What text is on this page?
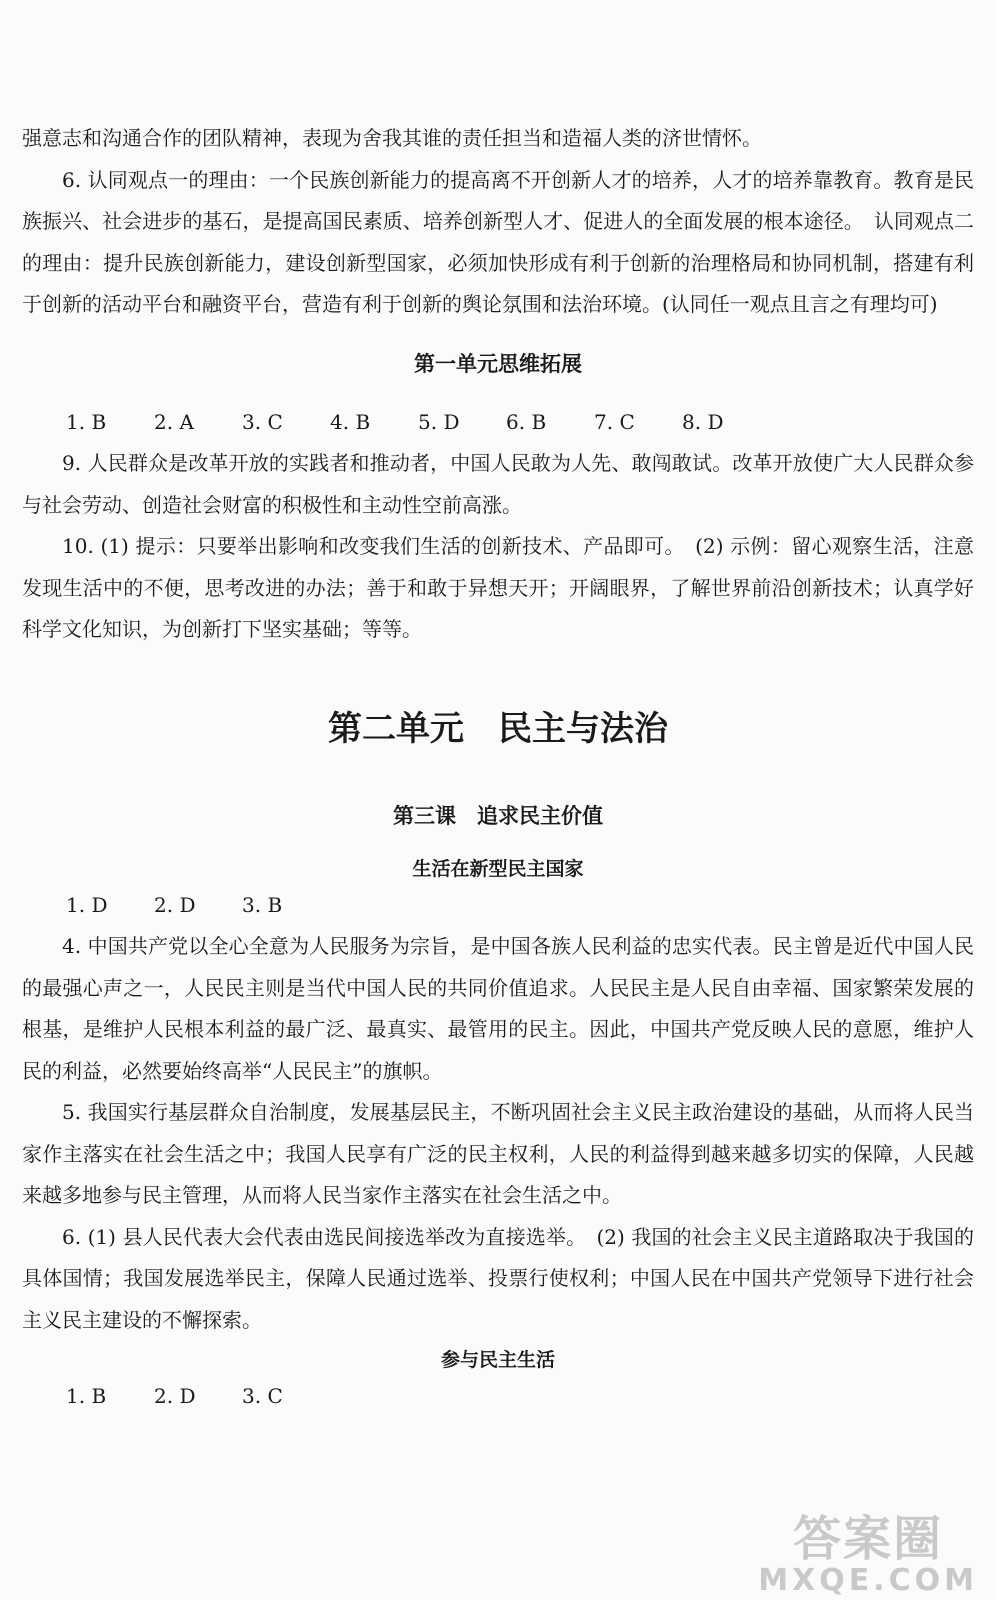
强意志和沟通合作的团队精神，表现为舍我其谁的责任担当和造福人类的济世情怀。

6. 认同观点一的理由：一个民族创新能力的提高离不开创新人才的培养，人才的培养靠教育。教育是民族振兴、社会进步的基石，是提高国民素质、培养创新型人才、促进人的全面发展的根本途径。　认同观点二的理由：提升民族创新能力，建设创新型国家，必须加快形成有利于创新的治理格局和协同机制，搭建有利于创新的活动平台和融资平台，营造有利于创新的舆论氛围和法治环境。(认同任一观点且言之有理均可)

第一单元思维拓展
1. B	2. A	3. C	4. B	5. D	6. B	7. C	8. D

9. 人民群众是改革开放的实践者和推动者，中国人民敢为人先、敢闯敢试。改革开放使广大人民群众参与社会劳动、创造社会财富的积极性和主动性空前高涨。

10. (1) 提示：只要举出影响和改变我们生活的创新技术、产品即可。　(2) 示例：留心观察生活，注意发现生活中的不便，思考改进的办法；善于和敢于异想天开；开阔眼界，了解世界前沿创新技术；认真学好科学文化知识，为创新打下坚实基础；等等。

第二单元　民主与法治
第三课　追求民主价值
生活在新型民主国家
1. D	2. D	3. B

4. 中国共产党以全心全意为人民服务为宗旨，是中国各族人民利益的忠实代表。民主曾是近代中国人民的最强心声之一，人民民主则是当代中国人民的共同价值追求。人民民主是人民自由幸福、国家繁荣发展的根基，是维护人民根本利益的最广泛、最真实、最管用的民主。因此，中国共产党反映人民的意愿，维护人民的利益，必然要始终高举“人民民主”的旗帜。

5. 我国实行基层群众自治制度，发展基层民主，不断巩固社会主义民主政治建设的基础，从而将人民当家作主落实在社会生活之中；我国人民享有广泛的民主权利，人民的利益得到越来越多切实的保障，人民越来越多地参与民主管理，从而将人民当家作主落实在社会生活之中。

6. (1) 县人民代表大会代表由选民间接选举改为直接选举。　(2) 我国的社会主义民主道路取决于我国的具体国情；我国发展选举民主，保障人民通过选举、投票行使权利；中国人民在中国共产党领导下进行社会主义民主建设的不懈探索。

参与民主生活
1. B	2. D	3. C
答案圈
MXQE.COM
